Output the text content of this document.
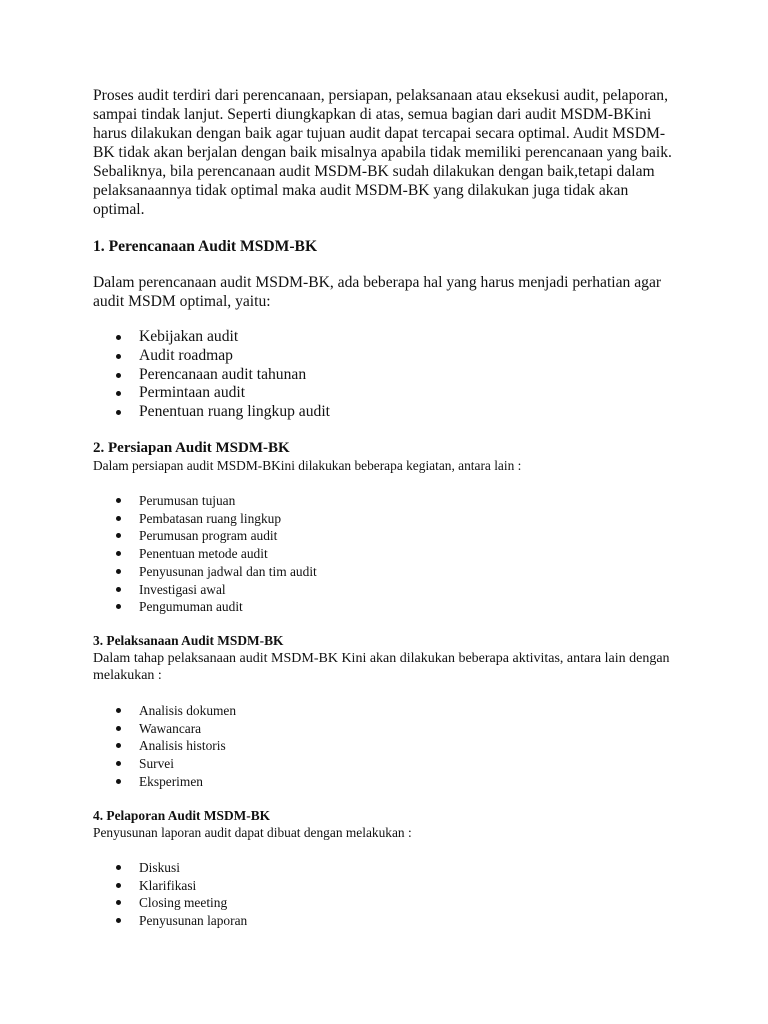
Proses audit terdiri dari perencanaan, persiapan, pelaksanaan atau eksekusi audit, pelaporan, sampai tindak lanjut. Seperti diungkapkan di atas, semua bagian dari audit MSDM-BKini harus dilakukan dengan baik agar tujuan audit dapat tercapai secara optimal. Audit MSDM-BK tidak akan berjalan dengan baik misalnya apabila tidak memiliki perencanaan yang baik. Sebaliknya, bila perencanaan audit MSDM-BK sudah dilakukan dengan baik,tetapi dalam pelaksanaannya tidak optimal maka audit MSDM-BK yang dilakukan juga tidak akan optimal.

1. Perencanaan Audit MSDM-BK

Dalam perencanaan audit MSDM-BK, ada beberapa hal yang harus menjadi perhatian agar audit MSDM optimal, yaitu:

Kebijakan audit
Audit roadmap
Perencanaan audit tahunan
Permintaan audit
Penentuan ruang lingkup audit

2. Persiapan Audit MSDM-BK

Dalam persiapan audit MSDM-BKini dilakukan beberapa kegiatan, antara lain :

Perumusan tujuan
Pembatasan ruang lingkup
Perumusan program audit
Penentuan metode audit
Penyusunan jadwal dan tim audit
Investigasi awal
Pengumuman audit

3. Pelaksanaan Audit MSDM-BK

Dalam tahap pelaksanaan audit MSDM-BK Kini akan dilakukan beberapa aktivitas, antara lain dengan melakukan :

Analisis dokumen
Wawancara
Analisis historis
Survei
Eksperimen

4. Pelaporan Audit MSDM-BK

Penyusunan laporan audit dapat dibuat dengan melakukan :

Diskusi
Klarifikasi
Closing meeting
Penyusunan laporan
